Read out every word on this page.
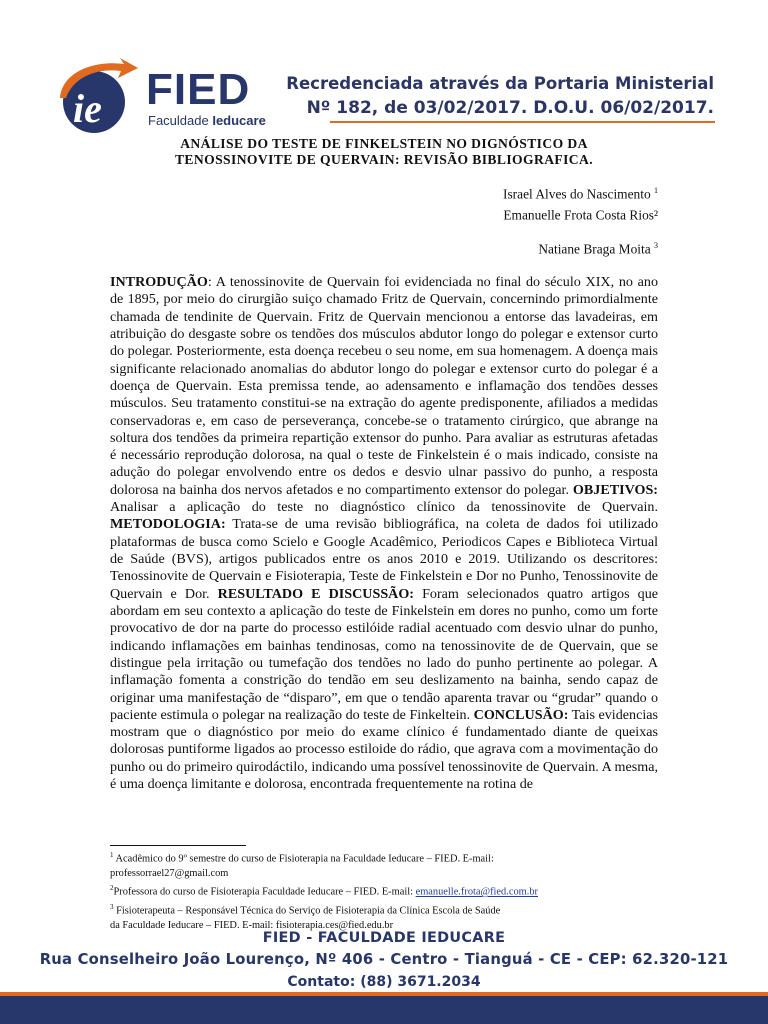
ie FIED
Faculdade Ieducare
Recredenciada através da Portaria Ministerial
Nº 182, de 03/02/2017. D.O.U. 06/02/2017.
ANÁLISE DO TESTE DE FINKELSTEIN NO DIGNÓSTICO DA
TENOSSINOVITE DE QUERVAIN: REVISÃO BIBLIOGRAFICA.
Israel Alves do Nascimento $^1$
Emanuelle Frota Costa Rios²
Natiane Braga Moita $^3$
INTRODUÇÃO: A tenossinovite de Quervain foi evidenciada no final do século XIX, no ano de 1895, por meio do cirurgião suiço chamado Fritz de Quervain, concernindo primordialmente chamada de tendinite de Quervain. Fritz de Quervain mencionou a entorse das lavadeiras, em atribuição do desgaste sobre os tendões dos músculos abdutor longo do polegar e extensor curto do polegar. Posteriormente, esta doença recebeu o seu nome, em sua homenagem. A doença mais significante relacionado anomalias do abdutor longo do polegar e extensor curto do polegar é a doença de Quervain. Esta premissa tende, ao adensamento e inflamação dos tendões desses músculos. Seu tratamento constitui-se na extração do agente predisponente, afiliados a medidas conservadoras e, em caso de perseverança, concebe-se o tratamento cirúrgico, que abrange na soltura dos tendões da primeira repartição extensor do punho. Para avaliar as estruturas afetadas é necessário reprodução dolorosa, na qual o teste de Finkelstein é o mais indicado, consiste na adução do polegar envolvendo entre os dedos e desvio ulnar passivo do punho, a resposta dolorosa na bainha dos nervos afetados e no compartimento extensor do polegar. OBJETIVOS: Analisar a aplicação do teste no diagnóstico clínico da tenossinovite de Quervain. METODOLOGIA: Trata-se de uma revisão bibliográfica, na coleta de dados foi utilizado plataformas de busca como Scielo e Google Acadêmico, Periodicos Capes e Biblioteca Virtual de Saúde (BVS), artigos publicados entre os anos 2010 e 2019. Utilizando os descritores: Tenossinovite de Quervain e Fisioterapia, Teste de Finkelstein e Dor no Punho, Tenossinovite de Quervain e Dor. RESULTADO E DISCUSSÃO: Foram selecionados quatro artigos que abordam em seu contexto a aplicação do teste de Finkelstein em dores no punho, como um forte provocativo de dor na parte do processo estilóide radial acentuado com desvio ulnar do punho, indicando inflamações em bainhas tendinosas, como na tenossinovite de de Quervain, que se distingue pela irritação ou tumefação dos tendões no lado do punho pertinente ao polegar. A inflamação fomenta a constrição do tendão em seu deslizamento na bainha, sendo capaz de originar uma manifestação de “disparo”, em que o tendão aparenta travar ou “grudar” quando o paciente estimula o polegar na realização do teste de Finkeltein. CONCLUSÃO: Tais evidencias mostram que o diagnóstico por meio do exame clínico é fundamentado diante de queixas dolorosas puntiforme ligados ao processo estiloide do rádio, que agrava com a movimentação do punho ou do primeiro quirodáctilo, indicando uma possível tenossinovite de Quervain. A mesma, é uma doença limitante e dolorosa, encontrada frequentemente na rotina de
$^1$ Acadêmico do 9º semestre do curso de Fisioterapia na Faculdade Ieducare – FIED. E-mail:
professorrael27@gmail.com
$^2$Professora do curso de Fisioterapia Faculdade Ieducare – FIED. E-mail: emanuelle.frota@fied.com.br
$^3$ Fisioterapeuta – Responsável Técnica do Serviço de Fisioterapia da Clínica Escola de Saúde
da Faculdade Ieducare – FIED. E-mail: fisioterapia.ces@fied.edu.br
FIED - FACULDADE IEDUCARE
Rua Conselheiro João Lourenço, Nº 406 - Centro - Tianguá - CE - CEP: 62.320-121
Contato: (88) 3671.2034
